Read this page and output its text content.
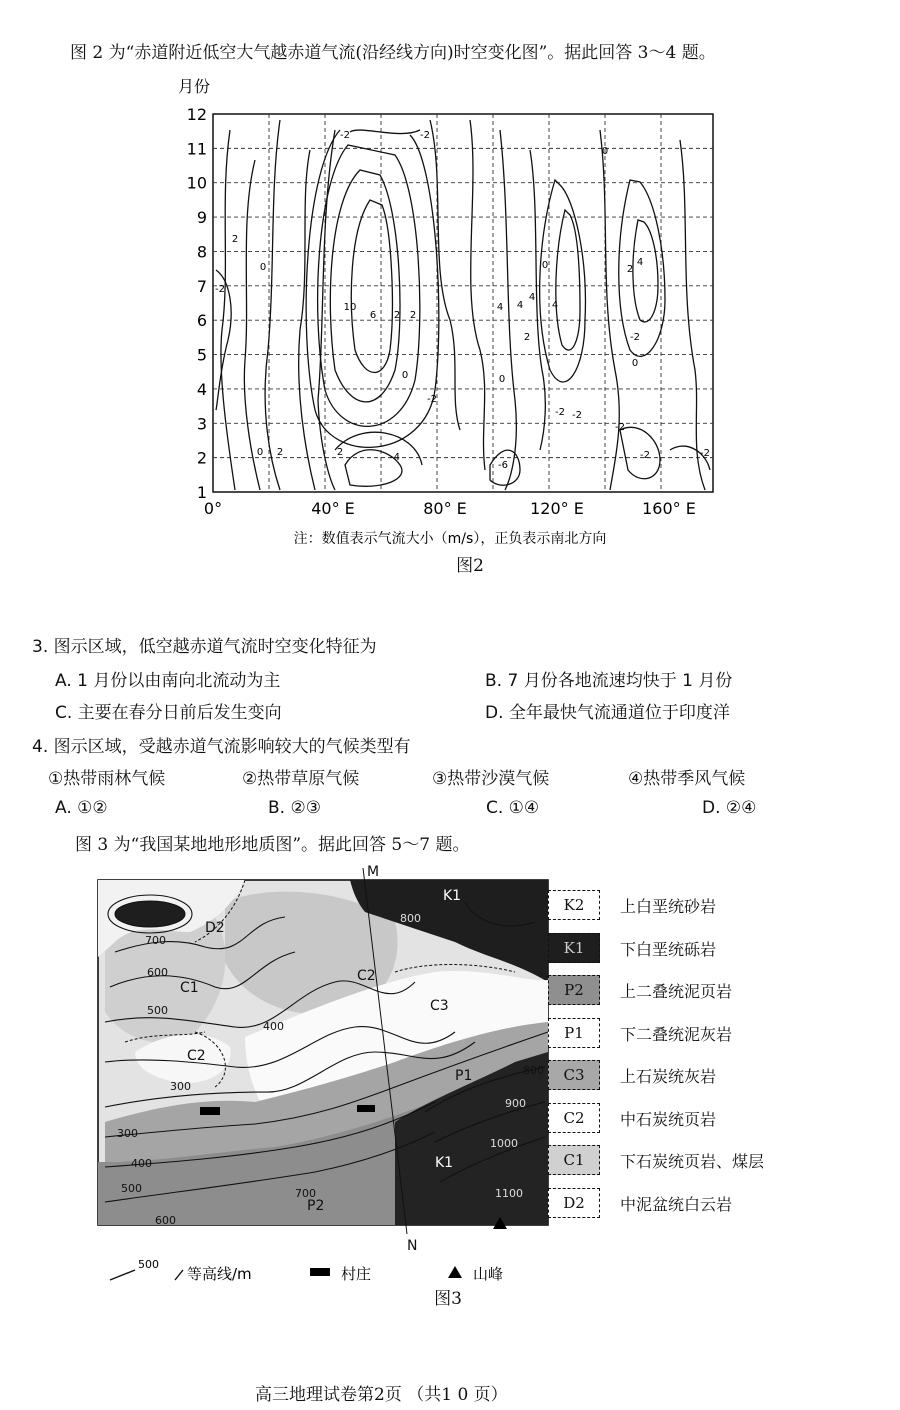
图 2 为“赤道附近低空大气越赤道气流(沿经线方向)时空变化图”。据此回答 3～4 题。
月份
1
2
3
4
5
6
7
8
9
10
11
12
-2	-2
0
2
0
10
6 2 2
0
-2
-4
2
4
0
2
0
4	4
2
0
-2
-2 -2
-6
-2
-2	-2
4
0
-2
2
4
0°	40° E	80° E	120° E	160° E
注：数值表示气流大小（m/s），正负表示南北方向
图2
3. 图示区域，低空越赤道气流时空变化特征为
A. 1 月份以由南向北流动为主	B. 7 月份各地流速均快于 1 月份
C. 主要在春分日前后发生变向	D. 全年最快气流通道位于印度洋
4. 图示区域，受越赤道气流影响较大的气候类型有
①热带雨林气候	②热带草原气候	③热带沙漠气候	④热带季风气候
A. ①②	B. ②③	C. ①④	D. ②④
图 3 为“我国某地地形地质图”。据此回答 5～7 题。
M
N
D2
C1
C2
C2
C3
P1
P2
K1
K1
700
600
500
400
300
300
400
500
600
700
800
800
900
1000
1100
K2	上白垩统砂岩
K1	下白垩统砾岩
P2	上二叠统泥页岩
P1	下二叠统泥灰岩
C3	上石炭统灰岩
C2	中石炭统页岩
C1	下石炭统页岩、煤层
D2	中泥盆统白云岩
500
等高线/m	村庄	山峰
图3
高三地理试卷第2页 （共1 0 页）
